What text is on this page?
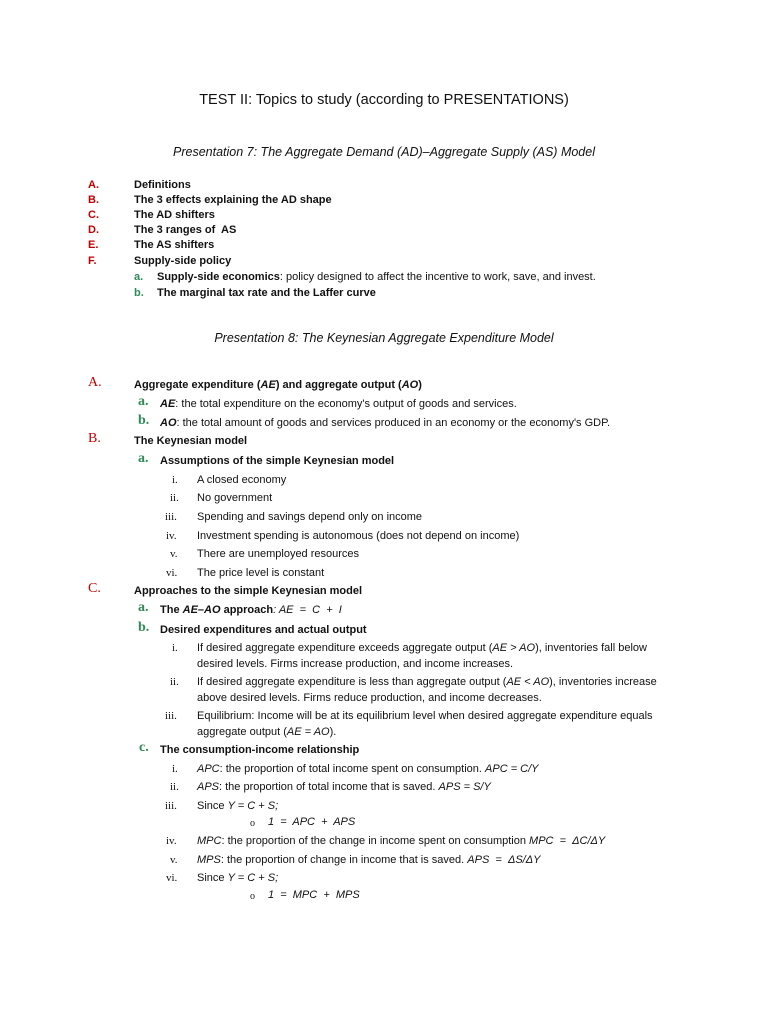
TEST II: Topics to study (according to PRESENTATIONS)
Presentation 7: The Aggregate Demand (AD)–Aggregate Supply (AS) Model
A.	Definitions
B.	The 3 effects explaining the AD shape
C.	The AD shifters
D.	The 3 ranges of  AS
E.	The AS shifters
F.	Supply-side policy
a. Supply-side economics: policy designed to affect the incentive to work, save, and invest.
b. The marginal tax rate and the Laffer curve
Presentation 8: The Keynesian Aggregate Expenditure Model
A.	Aggregate expenditure (AE) and aggregate output (AO)
a. AE: the total expenditure on the economy's output of goods and services.
b. AO: the total amount of goods and services produced in an economy or the economy's GDP.
B.	The Keynesian model
a. Assumptions of the simple Keynesian model
i. A closed economy
ii. No government
iii. Spending and savings depend only on income
iv. Investment spending is autonomous (does not depend on income)
v. There are unemployed resources
vi. The price level is constant
C.	Approaches to the simple Keynesian model
a. The AE–AO approach: AE  =  C  +  I
b. Desired expenditures and actual output
i. If desired aggregate expenditure exceeds aggregate output (AE > AO), inventories fall below
desired levels. Firms increase production, and income increases.
ii. If desired aggregate expenditure is less than aggregate output (AE < AO), inventories increase
above desired levels. Firms reduce production, and income decreases.
iii. Equilibrium: Income will be at its equilibrium level when desired aggregate expenditure equals
aggregate output (AE = AO).
c. The consumption-income relationship
i. APC: the proportion of total income spent on consumption. APC = C/Y
ii. APS: the proportion of total income that is saved. APS = S/Y
iii. Since Y = C + S;
o 1  =  APC  +  APS
iv. MPC: the proportion of the change in income spent on consumption MPC  =  ΔC/ΔY
v. MPS: the proportion of change in income that is saved. APS  =  ΔS/ΔY
vi. Since Y = C + S;
o 1  =  MPC  +  MPS
